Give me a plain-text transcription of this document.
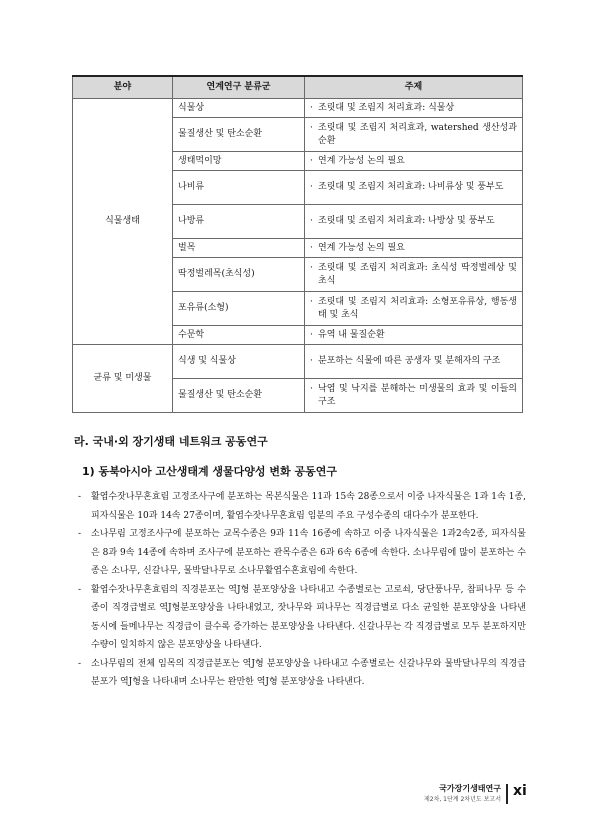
분야	연계연구 분류군	주제
식물생태	식물상	· 조릿대 및 조림지 처리효과: 식물상

	물질생산 및 탄소순환	· 조릿대 및 조림지 처리효과, watershed 생산성과 순환

	생태먹이망	· 연계 가능성 논의 필요

	나비류	· 조릿대 및 조림지 처리효과: 나비류상 및 풍부도

	나방류	· 조릿대 및 조림지 처리효과: 나방상 및 풍부도

	벌목	· 연계 가능성 논의 필요

	딱정벌레목(초식성)	· 조릿대 및 조림지 처리효과: 초식성 딱정벌레상 및 초식

	포유류(소형)	· 조릿대 및 조림지 처리효과: 소형포유류상, 행동생태 및 초식

	수문학	· 유역 내 물질순환

균류 및 미생물	식생 및 식물상	· 분포하는 식물에 따른 공생자 및 분해자의 구조

	물질생산 및 탄소순환	· 낙엽 및 낙지를 분해하는 미생물의 효과 및 이들의 구조
라. 국내·외 장기생태 네트워크 공동연구
1) 동북아시아 고산생태계 생물다양성 변화 공동연구
-	활엽수잣나무혼효림 고정조사구에 분포하는 목본식물은 11과 15속 28종으로서 이중 나자식물은 1과 1속 1종, 피자식물은 10과 14속 27종이며, 활엽수잣나무혼효림 임분의 주요 구성수종의 대다수가 분포한다.
-	소나무림 고정조사구에 분포하는 교목수종은 9과 11속 16종에 속하고 이중 나자식물은 1과2속2종, 피자식물은 8과 9속 14종에 속하며 조사구에 분포하는 관목수종은 6과 6속 6종에 속한다. 소나무림에 많이 분포하는 수종은 소나무, 신갈나무, 물박달나무로 소나무활엽수혼효림에 속한다.
-	활엽수잣나무혼효림의 직경분포는 역J형 분포양상을 나타내고 수종별로는 고로쇠, 당단풍나무, 참피나무 등 수종이 직경급별로 역J형분포양상을 나타내었고, 잣나무와 피나무는 직경급별로 다소 균일한 분포양상을 나타낸 동시에 들메나무는 직경급이 클수록 증가하는 분포양상을 나타낸다. 신갈나무는 각 직경급별로 모두 분포하지만 수량이 일치하지 않은 분포양상을 나타낸다.
-	소나무림의 전체 임목의 직경급분포는 역J형 분포양상을 나타내고 수종별로는 신갈나무와 물박달나무의 직경급분포가 역J형을 나타내며 소나무는 완만한 역J형 분포양상을 나타낸다.
국가장기생태연구
제2차, 1단계 2차년도 보고서
xi
